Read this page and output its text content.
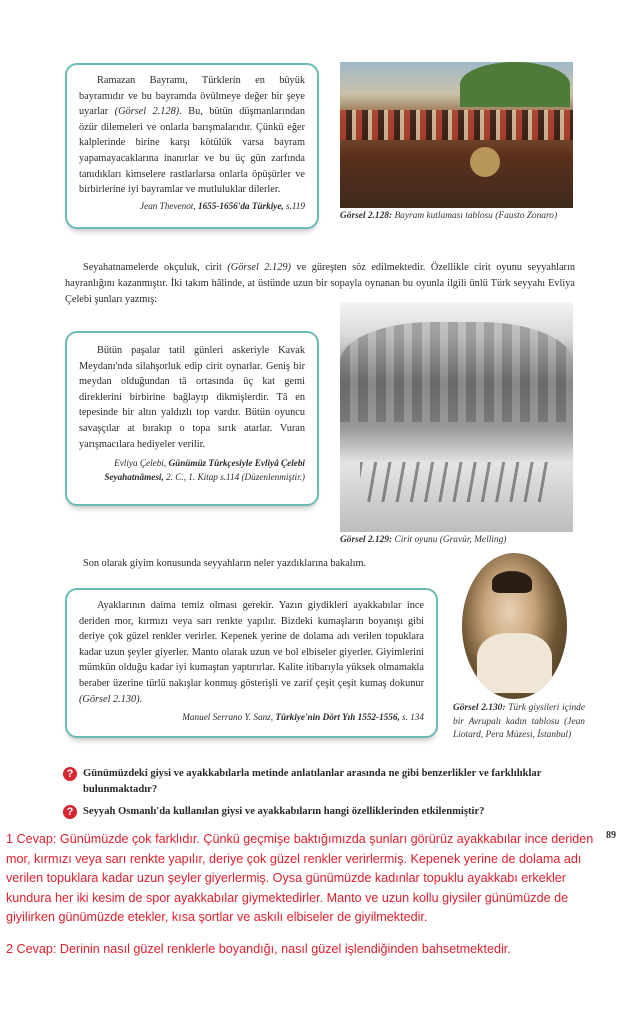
Ramazan Bayramı, Türklerin en büyük bayramıdır ve bu bayramda övülmeye değer bir şeye uyarlar (Görsel 2.128). Bu, bütün düşmanlarından özür dilemeleri ve onlarla barışmalarıdır. Çünkü eğer kalplerinde birine karşı kötülük varsa bayram yapamayacaklarına inanırlar ve bu üç gün zarfında tanıdıkları kimselere rastlarlarsa onlarla öpüşürler ve birbirlerine iyi bayramlar ve mutluluklar dilerler.

Jean Thevenot, 1655-1656'da Türkiye, s.119
Görsel 2.128: Bayram kutlaması tablosu (Fausto Zonaro)
Seyahatnamelerde okçuluk, cirit (Görsel 2.129) ve güreşten söz edilmektedir. Özellikle cirit oyunu seyyahların hayranlığını kazanmıştır. İki takım hâlinde, at üstünde uzun bir sopayla oynanan bu oyunla ilgili ünlü Türk seyyahı Evliya Çelebi şunları yazmış:

Bütün paşalar tatil günleri askeriyle Kavak Meydanı'nda silahşorluk edip cirit oynarlar. Geniş bir meydan olduğundan tâ ortasında üç kat gemi direklerini birbirine bağlayıp dikmişlerdir. Tâ en tepesinde bir altın yaldızlı top vardır. Bütün oyuncu savaşçılar at bırakıp o topa sırık atarlar. Vuran yarışmacılara hediyeler verilir.

Evliya Çelebi, Günümüz Türkçesiyle Evliyâ Çelebi Seyahatnâmesi, 2. C., 1. Kitap s.114 (Düzenlenmiştir.)
Görsel 2.129: Cirit oyunu (Gravür, Melling)
Son olarak giyim konusunda seyyahların neler yazdıklarına bakalım.

Ayaklarının daima temiz olması gerekir. Yazın giydikleri ayakkabılar ince deriden mor, kırmızı veya sarı renkte yapılır. Bizdeki kumaşların boyanışı gibi deriye çok güzel renkler verirler. Kepenek yerine de dolama adı verilen topuklara kadar uzun şeyler giyerler. Manto olarak uzun ve bol elbiseler giyerler. Giyimlerini mümkün olduğu kadar iyi kumaştan yaptırırlar. Kalite itibarıyla yüksek olmamakla beraber üzerine türlü nakışlar konmuş gösterişli ve zarif çeşit çeşit kumaş dokunur (Görsel 2.130).

Manuel Serrano Y. Sanz, Türkiye'nin Dört Yılı 1552-1556, s. 134
Görsel 2.130: Türk giysileri içinde bir Avrupalı kadın tablosu (Jean Liotard, Pera Müzesi, İstanbul)
? Günümüzdeki giysi ve ayakkabılarla metinde anlatılanlar arasında ne gibi benzerlikler ve farklılıklar bulunmaktadır?
? Seyyah Osmanlı'da kullanılan giysi ve ayakkabıların hangi özelliklerinden etkilenmiştir?
89
1 Cevap: Günümüzde çok farklıdır. Çünkü geçmişe baktığımızda şunları görürüz ayakkabılar ince deriden mor, kırmızı veya sarı renkte yapılır, deriye çok güzel renkler verirlermiş. Kepenek yerine de dolama adı verilen topuklara kadar uzun şeyler giyerlermiş. Oysa günümüzde kadınlar topuklu ayakkabı erkekler kundura her iki kesim de spor ayakkabılar giymektedirler. Manto ve uzun kollu giysiler günümüzde de giyilirken günümüzde etekler, kısa şortlar ve askılı elbiseler de giyilmektedir.
2 Cevap: Derinin nasıl güzel renklerle boyandığı, nasıl güzel işlendiğinden bahsetmektedir.
